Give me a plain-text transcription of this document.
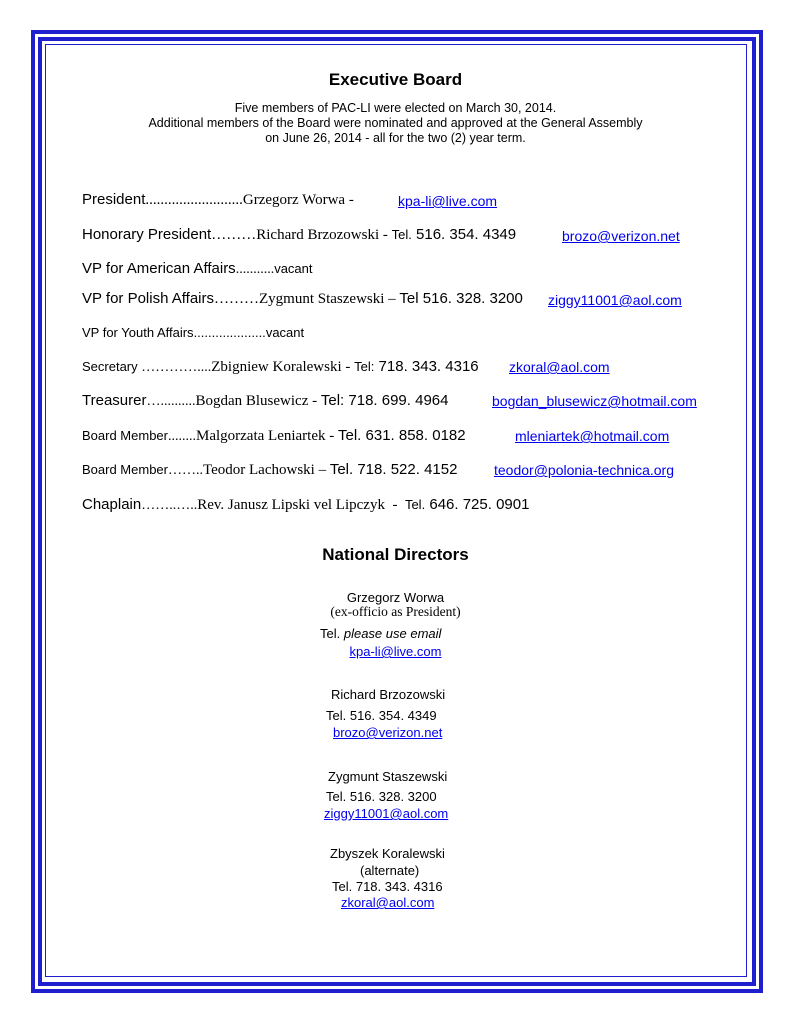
Executive Board
Five members of PAC-LI were elected on March 30, 2014.
Additional members of the Board were nominated and approved at the General Assembly
on June 26, 2014 - all for the two (2) year term.
President..........................Grzegorz Worwa -	kpa-li@live.com
Honorary President………Richard Brzozowski - Tel. 516. 354. 4349	brozo@verizon.net
VP for American Affairs...........vacant
VP for Polish Affairs………Zygmunt Staszewski – Tel 516. 328. 3200 ziggy11001@aol.com
VP for Youth Affairs....................vacant
Secretary …………....Zbigniew Koralewski - Tel: 718. 343. 4316 zkoral@aol.com
Treasurer…..........Bogdan Blusewicz - Tel: 718. 699. 4964	bogdan_blusewicz@hotmail.com
Board Member........Malgorzata Leniartek - Tel. 631. 858. 0182	mleniartek@hotmail.com
Board Member……..Teodor Lachowski – Tel. 718. 522. 4152	teodor@polonia-technica.org
Chaplain……..…..Rev. Janusz Lipski vel Lipczyk  -  Tel. 646. 725. 0901
National Directors
Grzegorz Worwa
(ex-officio as President)
Tel. please use email
kpa-li@live.com
Richard Brzozowski
Tel. 516. 354. 4349
brozo@verizon.net
Zygmunt Staszewski
Tel. 516. 328. 3200
ziggy11001@aol.com
Zbyszek Koralewski
(alternate)
Tel. 718. 343. 4316
zkoral@aol.com
